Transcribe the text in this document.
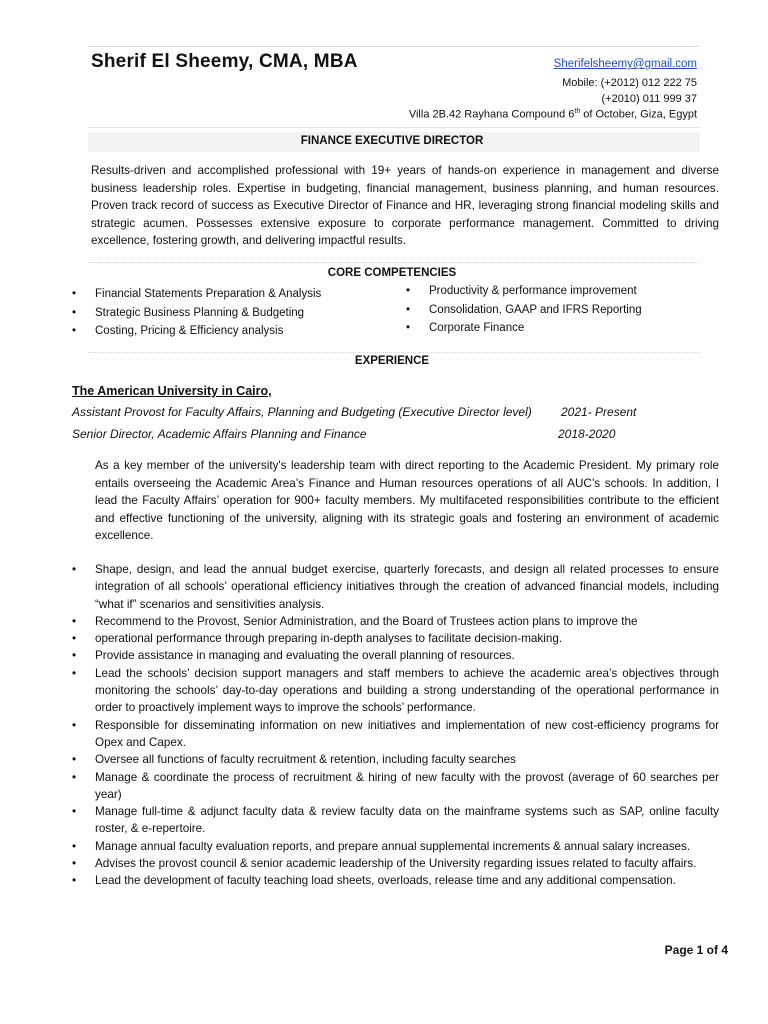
Sherif El Sheemy, CMA, MBA	Sherifelsheemy@gmail.com
Mobile: (+2012) 012 222 75
(+2010) 011 999 37
Villa 2B.42 Rayhana Compound 6th of October, Giza, Egypt
FINANCE EXECUTIVE DIRECTOR
Results-driven and accomplished professional with 19+ years of hands-on experience in management and diverse business leadership roles. Expertise in budgeting, financial management, business planning, and human resources. Proven track record of success as Executive Director of Finance and HR, leveraging strong financial modeling skills and strategic acumen. Possesses extensive exposure to corporate performance management. Committed to driving excellence, fostering growth, and delivering impactful results.
CORE COMPETENCIES
• Financial Statements Preparation & Analysis
• Strategic Business Planning & Budgeting
• Costing, Pricing & Efficiency analysis
• Productivity & performance improvement
• Consolidation, GAAP and IFRS Reporting
• Corporate Finance
EXPERIENCE
The American University in Cairo,
Assistant Provost for Faculty Affairs, Planning and Budgeting (Executive Director level) 2021- Present
Senior Director, Academic Affairs Planning and Finance	2018-2020
As a key member of the university's leadership team with direct reporting to the Academic President. My primary role entails overseeing the Academic Area’s Finance and Human resources operations of all AUC’s schools. In addition, I lead the Faculty Affairs’ operation for 900+ faculty members. My multifaceted responsibilities contribute to the efficient and effective functioning of the university, aligning with its strategic goals and fostering an environment of academic excellence.
• Shape, design, and lead the annual budget exercise, quarterly forecasts, and design all related processes to ensure integration of all schools’ operational efficiency initiatives through the creation of advanced financial models, including “what if” scenarios and sensitivities analysis.
• Recommend to the Provost, Senior Administration, and the Board of Trustees action plans to improve the
• operational performance through preparing in-depth analyses to facilitate decision-making.
• Provide assistance in managing and evaluating the overall planning of resources.
• Lead the schools’ decision support managers and staff members to achieve the academic area’s objectives through monitoring the schools’ day-to-day operations and building a strong understanding of the operational performance in order to proactively implement ways to improve the schools’ performance.
• Responsible for disseminating information on new initiatives and implementation of new cost-efficiency programs for Opex and Capex.
• Oversee all functions of faculty recruitment & retention, including faculty searches
• Manage & coordinate the process of recruitment & hiring of new faculty with the provost (average of 60 searches per year)
• Manage full-time & adjunct faculty data & review faculty data on the mainframe systems such as SAP, online faculty roster, & e-repertoire.
• Manage annual faculty evaluation reports, and prepare annual supplemental increments & annual salary increases.
• Advises the provost council & senior academic leadership of the University regarding issues related to faculty affairs.
• Lead the development of faculty teaching load sheets, overloads, release time and any additional compensation.
Page 1 of 4
